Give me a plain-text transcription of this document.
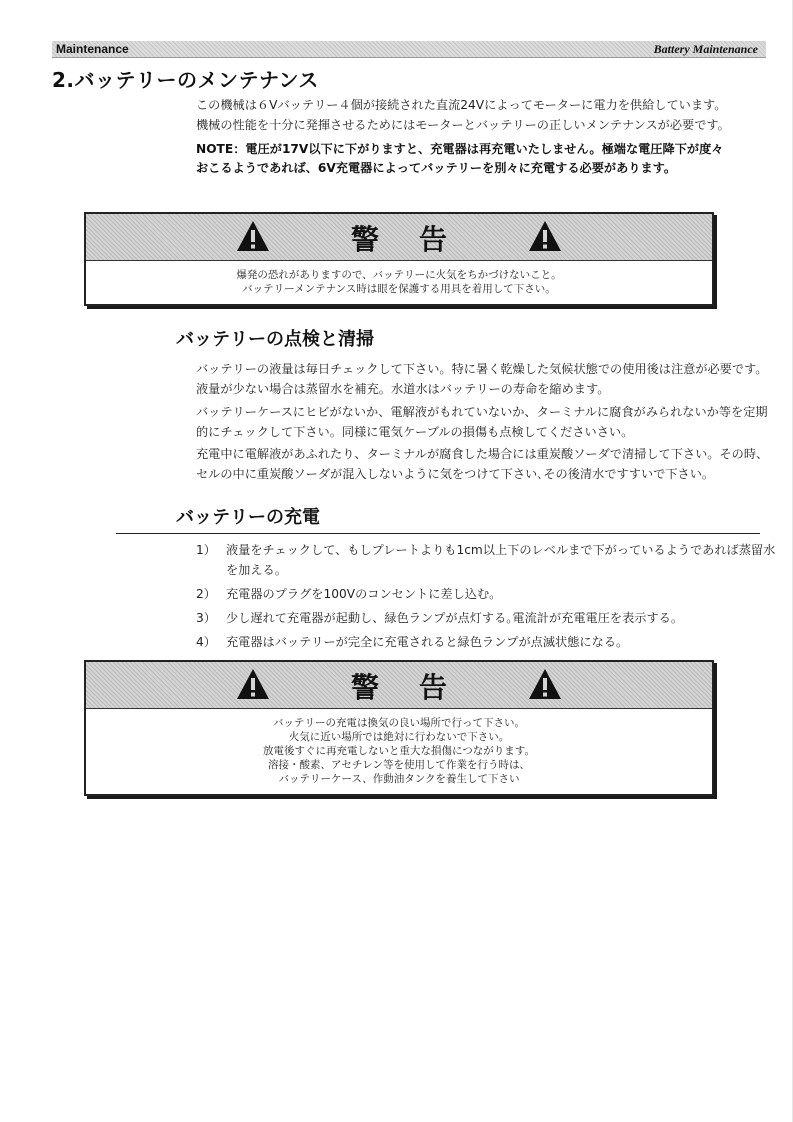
Maintenance	Battery Maintenance
2.バッテリーのメンテナンス

この機械は６Vバッテリー４個が接続された直流24Vによってモーターに電力を供給しています。

機械の性能を十分に発揮させるためにはモーターとバッテリーの正しいメンテナンスが必要です。

NOTE：電圧が17V以下に下がりますと、充電器は再充電いたしません。極端な電圧降下が度々

おこるようであれば、6V充電器によってバッテリーを別々に充電する必要があります。

警告
爆発の恐れがありますので、バッテリーに火気をちかづけないこと。
バッテリーメンテナンス時は眼を保護する用具を着用して下さい。
バッテリーの点検と清掃

バッテリーの液量は毎日チェックして下さい。特に暑く乾燥した気候状態での使用後は注意が必要です。液量が少ない場合は蒸留水を補充。水道水はバッテリーの寿命を縮めます。

バッテリーケースにヒビがないか、電解液がもれていないか、ターミナルに腐食がみられないか等を定期的にチェックして下さい。同様に電気ケーブルの損傷も点検してくださいさい。

充電中に電解液があふれたり、ターミナルが腐食した場合には重炭酸ソーダで清掃して下さい。その時、セルの中に重炭酸ソーダが混入しないように気をつけて下さい､その後清水ですすいで下さい。

バッテリーの充電
1） 液量をチェックして、もしプレートよりも1cm以上下のレベルまで下がっているようであれば蒸留水を加える。
2） 充電器のプラグを100Vのコンセントに差し込む。
3） 少し遅れて充電器が起動し、緑色ランプが点灯する｡電流計が充電電圧を表示する。
4） 充電器はバッテリーが完全に充電されると緑色ランプが点滅状態になる。
警告
バッテリーの充電は換気の良い場所で行って下さい。
火気に近い場所では絶対に行わないで下さい。
放電後すぐに再充電しないと重大な損傷につながります。
溶接・酸素、アセチレン等を使用して作業を行う時は、
バッテリーケース、作動油タンクを養生して下さい
